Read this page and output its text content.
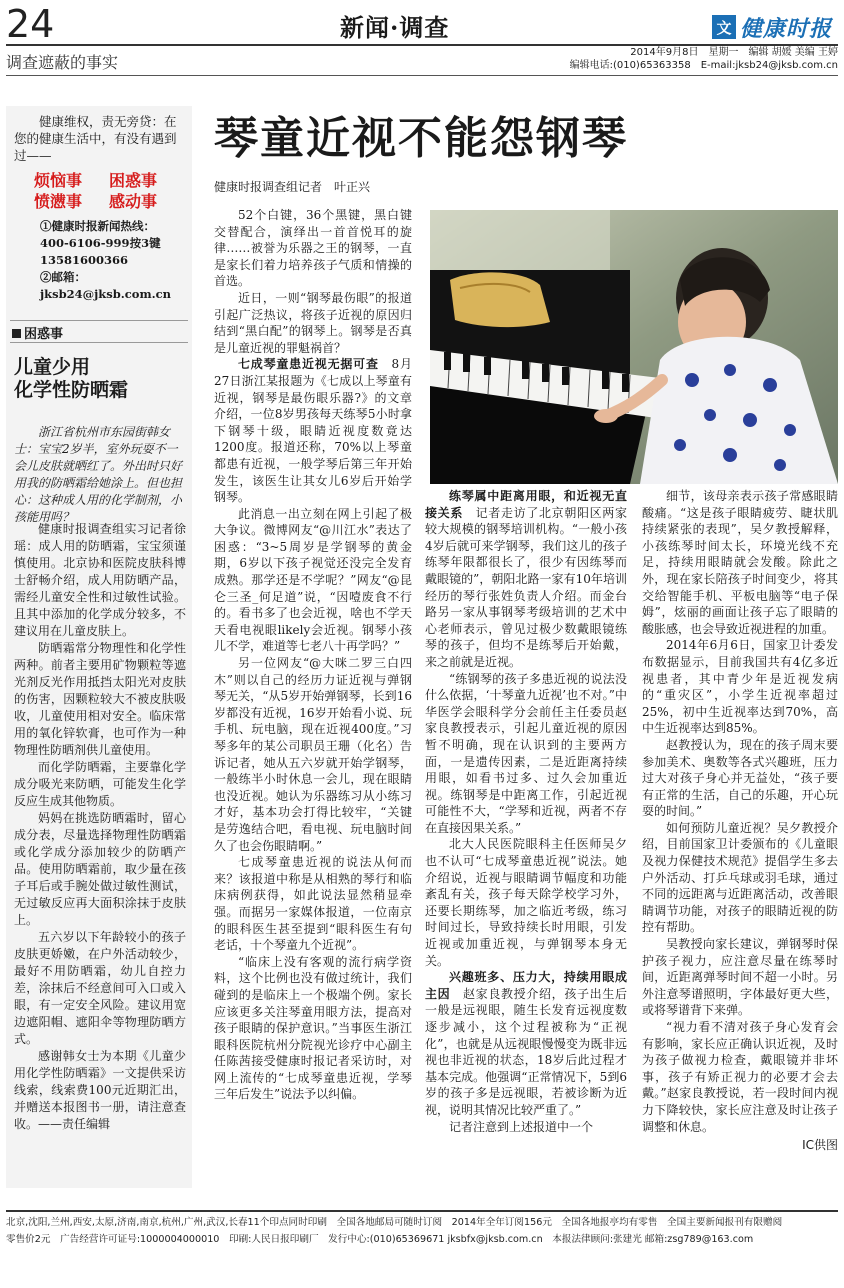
24	新闻·调查	文 健康时报
调查遮蔽的事实
2014年9月8日　星期一　编辑 胡媛 美编 王婷
编辑电话:(010)65363358　E-mail:jksb24@jksb.com.cn
健康维权，责无旁贷：在您的健康生活中，有没有遇到过——
烦恼事	困惑事
愤懑事	感动事
①健康时报新闻热线：
400-6106-999按3键
13581600366
②邮箱：
jksb24@jksb.com.cn
困惑事
儿童少用
化学性防晒霜
浙江省杭州市东园街韩女士：宝宝2岁半，室外玩耍不一会儿皮肤就晒红了。外出时只好用我的防晒霜给她涂上。但也担心：这种成人用的化学制剂，小孩能用吗？

健康时报调查组实习记者徐瑶：成人用的防晒霜，宝宝须谨慎使用。北京协和医院皮肤科博士舒畅介绍，成人用防晒产品，需经儿童安全性和过敏性试验。且其中添加的化学成分较多，不建议用在儿童皮肤上。

防晒霜常分物理性和化学性两种。前者主要用矿物颗粒等遮光剂反光作用抵挡太阳光对皮肤的伤害，因颗粒较大不被皮肤吸收，儿童使用相对安全。临床常用的氧化锌软膏，也可作为一种物理性防晒剂供儿童使用。

而化学防晒霜，主要靠化学成分吸光来防晒，可能发生化学反应生成其他物质。

妈妈在挑选防晒霜时，留心成分表，尽量选择物理性防晒霜或化学成分添加较少的防晒产品。使用防晒霜前，取少量在孩子耳后或手腕处做过敏性测试，无过敏反应再大面积涂抹于皮肤上。

五六岁以下年龄较小的孩子皮肤更娇嫩，在户外活动较少，最好不用防晒霜，幼儿自控力差，涂抹后不经意间可入口或入眼，有一定安全风险。建议用宽边遮阳帽、遮阳伞等物理防晒方式。

感谢韩女士为本期《儿童少用化学性防晒霜》一文提供采访线索，线索费100元近期汇出，并赠送本报图书一册，请注意查收。——责任编辑

琴童近视不能怨钢琴
健康时报调查组记者　叶正兴

52个白键，36个黑键，黑白键交替配合，演绎出一首首悦耳的旋律……被誉为乐器之王的钢琴，一直是家长们着力培养孩子气质和情操的首选。

近日，一则“钢琴最伤眼”的报道引起广泛热议，将孩子近视的原因归结到“黑白配”的钢琴上。钢琴是否真是儿童近视的罪魁祸首？

七成琴童患近视无据可查　8月27日浙江某报题为《七成以上琴童有近视，钢琴是最伤眼乐器?》的文章介绍，一位8岁男孩每天练琴5小时拿下钢琴十级，眼睛近视度数竟达1200度。报道还称，70%以上琴童都患有近视，一般学琴后第三年开始发生，该医生让其女儿6岁后开始学钢琴。

此消息一出立刻在网上引起了极大争议。微博网友“@川江水”表达了困惑：“3~5周岁是学钢琴的黄金期，6岁以下孩子视觉还没完全发育成熟。那学还是不学呢？”网友“@昆仑三圣_何足道”说，“因噎废食不行的。看书多了也会近视，啥也不学天天看电视眼likely会近视。钢琴小孩儿不学，难道等七老八十再学吗？”

另一位网友“@大咪二罗三白四木”则以自己的经历力证近视与弹钢琴无关，“从5岁开始弹钢琴，长到16岁都没有近视，16岁开始看小说、玩手机、玩电脑，现在近视400度。”习琴多年的某公司职员王珊（化名）告诉记者，她从五六岁就开始学钢琴，一般练半小时休息一会儿，现在眼睛也没近视。她认为乐器练习从小练习才好，基本功会打得比较牢，“关键是劳逸结合吧，看电视、玩电脑时间久了也会伤眼睛啊。”

七成琴童患近视的说法从何而来？该报道中称是从相熟的琴行和临床病例获得，如此说法显然稍显牵强。而据另一家媒体报道，一位南京的眼科医生甚至提到“眼科医生有句老话，十个琴童九个近视”。

“临床上没有客观的流行病学资料，这个比例也没有做过统计，我们碰到的是临床上一个极端个例。家长应该更多关注琴童用眼方法，提高对孩子眼睛的保护意识。”当事医生浙江眼科医院杭州分院视光诊疗中心副主任陈茜接受健康时报记者采访时，对网上流传的“七成琴童患近视，学琴三年后发生”说法予以纠偏。

练琴属中距离用眼，和近视无直接关系　记者走访了北京朝阳区两家较大规模的钢琴培训机构。“一般小孩4岁后就可来学钢琴，我们这儿的孩子练琴年限都很长了，很少有因练琴而戴眼镜的”，朝阳北路一家有10年培训经历的琴行张姓负责人介绍。而金台路另一家从事钢琴考级培训的艺术中心老师表示，曾见过极少数戴眼镜练琴的孩子，但均不是练琴后开始戴，来之前就是近视。

“练钢琴的孩子多患近视的说法没什么依据，‘十琴童九近视’也不对。”中华医学会眼科学分会前任主任委员赵家良教授表示，引起儿童近视的原因暂不明确，现在认识到的主要两方面，一是遗传因素，二是近距离持续用眼，如看书过多、过久会加重近视。练钢琴是中距离工作，引起近视可能性不大，“学琴和近视，两者不存在直接因果关系。”

北大人民医院眼科主任医师吴夕也不认可“七成琴童患近视”说法。她介绍说，近视与眼睛调节幅度和功能紊乱有关，孩子每天除学校学习外，还要长期练琴，加之临近考级，练习时间过长，导致持续长时用眼，引发近视或加重近视，与弹钢琴本身无关。

兴趣班多、压力大，持续用眼成主因　赵家良教授介绍，孩子出生后一般是远视眼，随生长发育远视度数逐步减小，这个过程被称为“正视化”，也就是从远视眼慢慢变为既非远视也非近视的状态，18岁后此过程才基本完成。他强调“正常情况下，5到6岁的孩子多是远视眼，若被诊断为近视，说明其情况比较严重了。”

记者注意到上述报道中一个

细节，该母亲表示孩子常感眼睛酸痛。“这是孩子眼睛疲劳、睫状肌持续紧张的表现”，吴夕教授解释，小孩练琴时间太长，环境光线不充足，持续用眼睛就会发酸。除此之外，现在家长陪孩子时间变少，将其交给智能手机、平板电脑等“电子保姆”，炫丽的画面让孩子忘了眼睛的酸胀感，也会导致近视进程的加重。

2014年6月6日，国家卫计委发布数据显示，目前我国共有4亿多近视患者，其中青少年是近视发病的“重灾区”，小学生近视率超过25%，初中生近视率达到70%，高中生近视率达到85%。

赵教授认为，现在的孩子周末要参加美术、奥数等各式兴趣班，压力过大对孩子身心并无益处，“孩子要有正常的生活，自己的乐趣，开心玩耍的时间。”

如何预防儿童近视？吴夕教授介绍，目前国家卫计委颁布的《儿童眼及视力保健技术规范》提倡学生多去户外活动、打乒乓球或羽毛球，通过不同的远距离与近距离活动，改善眼睛调节功能，对孩子的眼睛近视的防控有帮助。

吴教授向家长建议，弹钢琴时保护孩子视力，应注意尽量在练琴时间，近距离弹琴时间不超一小时。另外注意琴谱照明，字体最好更大些，或将琴谱背下来弹。

“视力看不清对孩子身心发育会有影响，家长应正确认识近视，及时为孩子做视力检查，戴眼镜并非坏事，孩子有矫正视力的必要才会去戴。”赵家良教授说，若一段时间内视力下降较快，家长应注意及时让孩子调整和休息。

IC供图
北京,沈阳,兰州,西安,太原,济南,南京,杭州,广州,武汉,长春11个印点同时印刷　全国各地邮局可随时订阅　2014年全年订阅156元　全国各地报亭均有零售　全国主要新闻报刊有限赠阅
零售价2元　广告经营许可证号:1000004000010　印刷:人民日报印刷厂　发行中心:(010)65369671 jksbfx@jksb.com.cn　本报法律顾问:张建光 邮箱:zsg789@163.com
